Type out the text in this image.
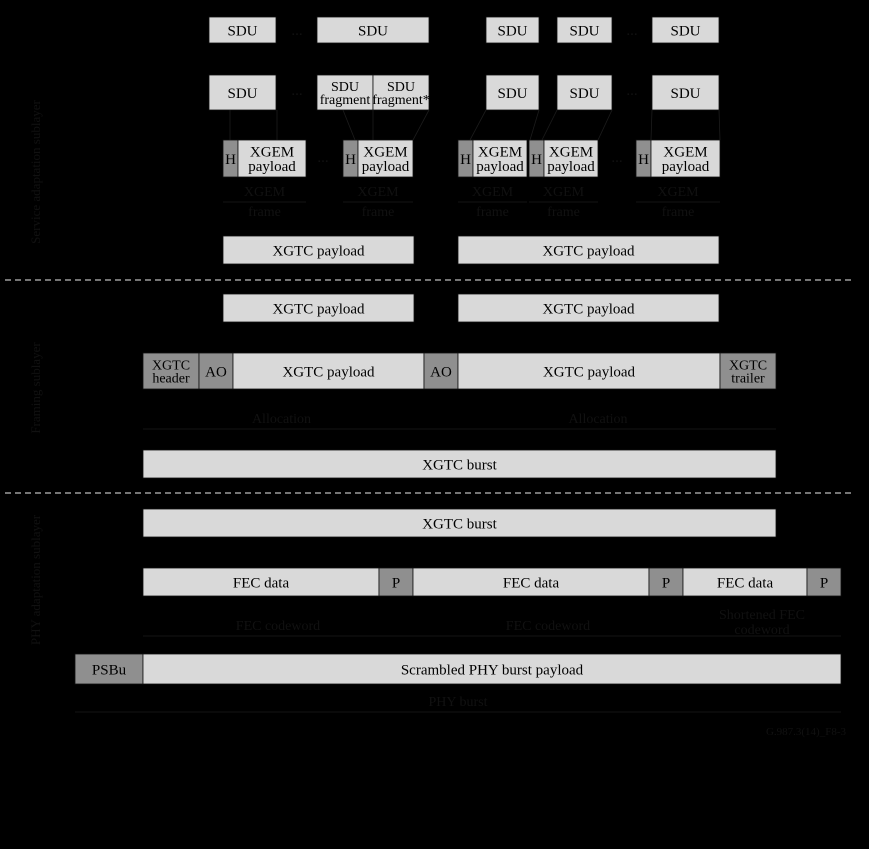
SDU ...	SDU	SDU	SDU ... SDU
SDU ... SDU
fragment
SDU
fragment*	SDU	SDU ... SDU
H XGEM
payload
XGEM
frame
H XGEM
payload
XGEM
frame
H XGEM
payload
XGEM
frame
H XGEM
payload
XGEM
frame
H XGEM
payload
XGEM
frame
...	...
XGTC payload	XGTC payload
XGTC payload	XGTC payload
XGTC
header AO	XGTC payload	AO	XGTC payload	XGTC
trailer
Allocation	Allocation
XGTC burst
XGTC burst
FEC data	P	FEC data	P	FEC data	P
FEC codeword	FEC codeword
Shortened FEC
codeword
PSBu	Scrambled PHY burst payload
PHY burst
G.987.3(14)_F8-3
Service adaptation sublayer
Framing sublayer
PHY adaptation sublayer
